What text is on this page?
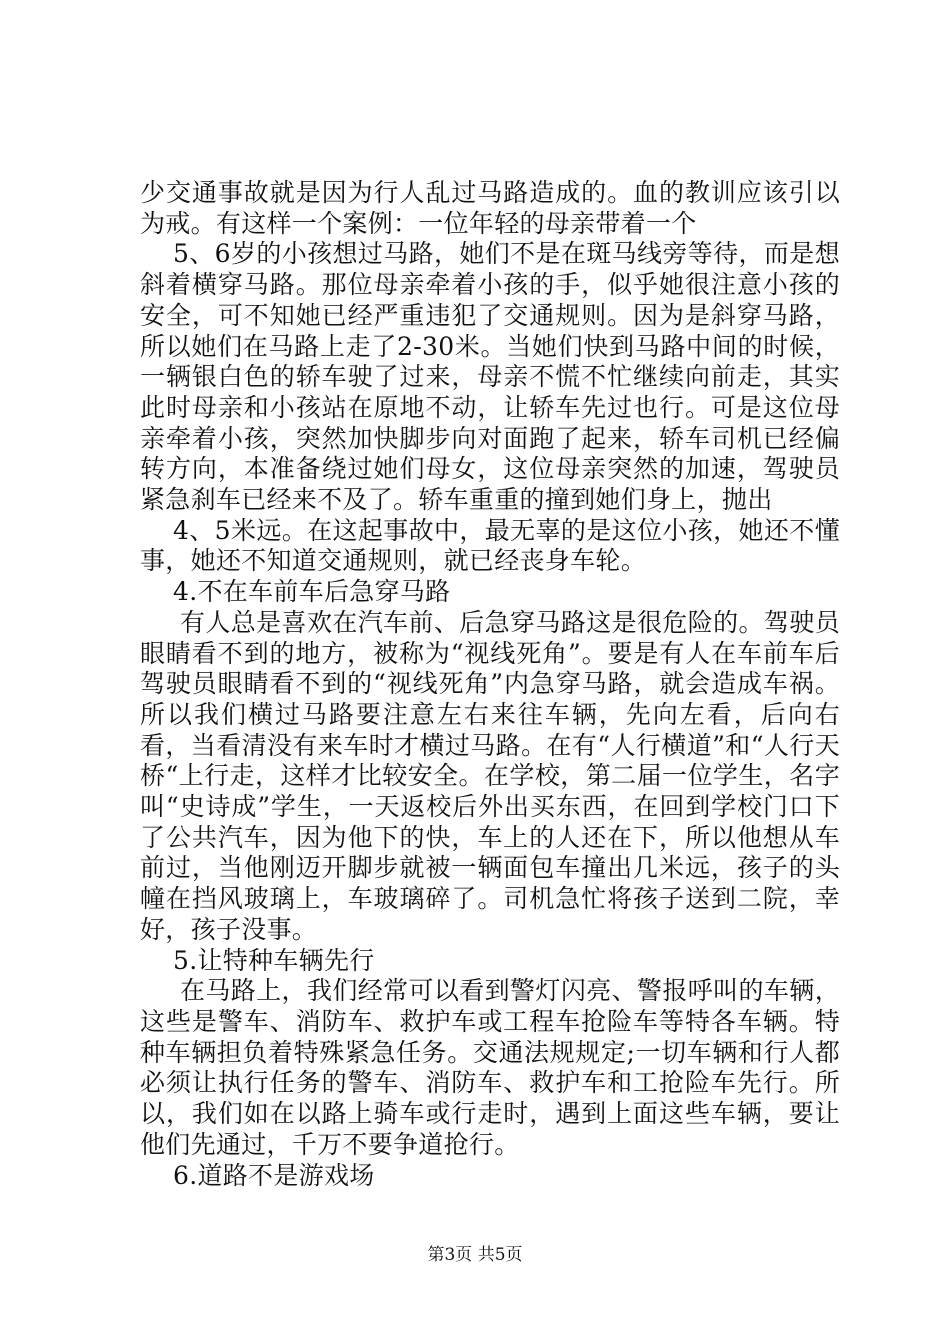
少交通事故就是因为行人乱过马路造成的。血的教训应该引以为戒。有这样一个案例：一位年轻的母亲带着一个

5、6岁的小孩想过马路，她们不是在斑马线旁等待，而是想斜着横穿马路。那位母亲牵着小孩的手，似乎她很注意小孩的安全，可不知她已经严重违犯了交通规则。因为是斜穿马路，所以她们在马路上走了2-30米。当她们快到马路中间的时候，一辆银白色的轿车驶了过来，母亲不慌不忙继续向前走，其实此时母亲和小孩站在原地不动，让轿车先过也行。可是这位母亲牵着小孩，突然加快脚步向对面跑了起来，轿车司机已经偏转方向，本准备绕过她们母女，这位母亲突然的加速，驾驶员紧急刹车已经来不及了。轿车重重的撞到她们身上，抛出

4、5米远。在这起事故中，最无辜的是这位小孩，她还不懂事，她还不知道交通规则，就已经丧身车轮。

4.不在车前车后急穿马路

有人总是喜欢在汽车前、后急穿马路这是很危险的。驾驶员眼睛看不到的地方，被称为“视线死角”。要是有人在车前车后驾驶员眼睛看不到的“视线死角”内急穿马路，就会造成车祸。所以我们横过马路要注意左右来往车辆，先向左看，后向右看，当看清没有来车时才横过马路。在有“人行横道”和“人行天桥“上行走，这样才比较安全。在学校，第二届一位学生，名字叫“史诗成”学生，一天返校后外出买东西，在回到学校门口下了公共汽车，因为他下的快，车上的人还在下，所以他想从车前过，当他刚迈开脚步就被一辆面包车撞出几米远，孩子的头幢在挡风玻璃上，车玻璃碎了。司机急忙将孩子送到二院，幸好，孩子没事。

5.让特种车辆先行

在马路上，我们经常可以看到警灯闪亮、警报呼叫的车辆，这些是警车、消防车、救护车或工程车抢险车等特各车辆。特种车辆担负着特殊紧急任务。交通法规规定;一切车辆和行人都必须让执行任务的警车、消防车、救护车和工抢险车先行。所以，我们如在以路上骑车或行走时，遇到上面这些车辆，要让他们先通过，千万不要争道抢行。

6.道路不是游戏场

第3页 共5页
